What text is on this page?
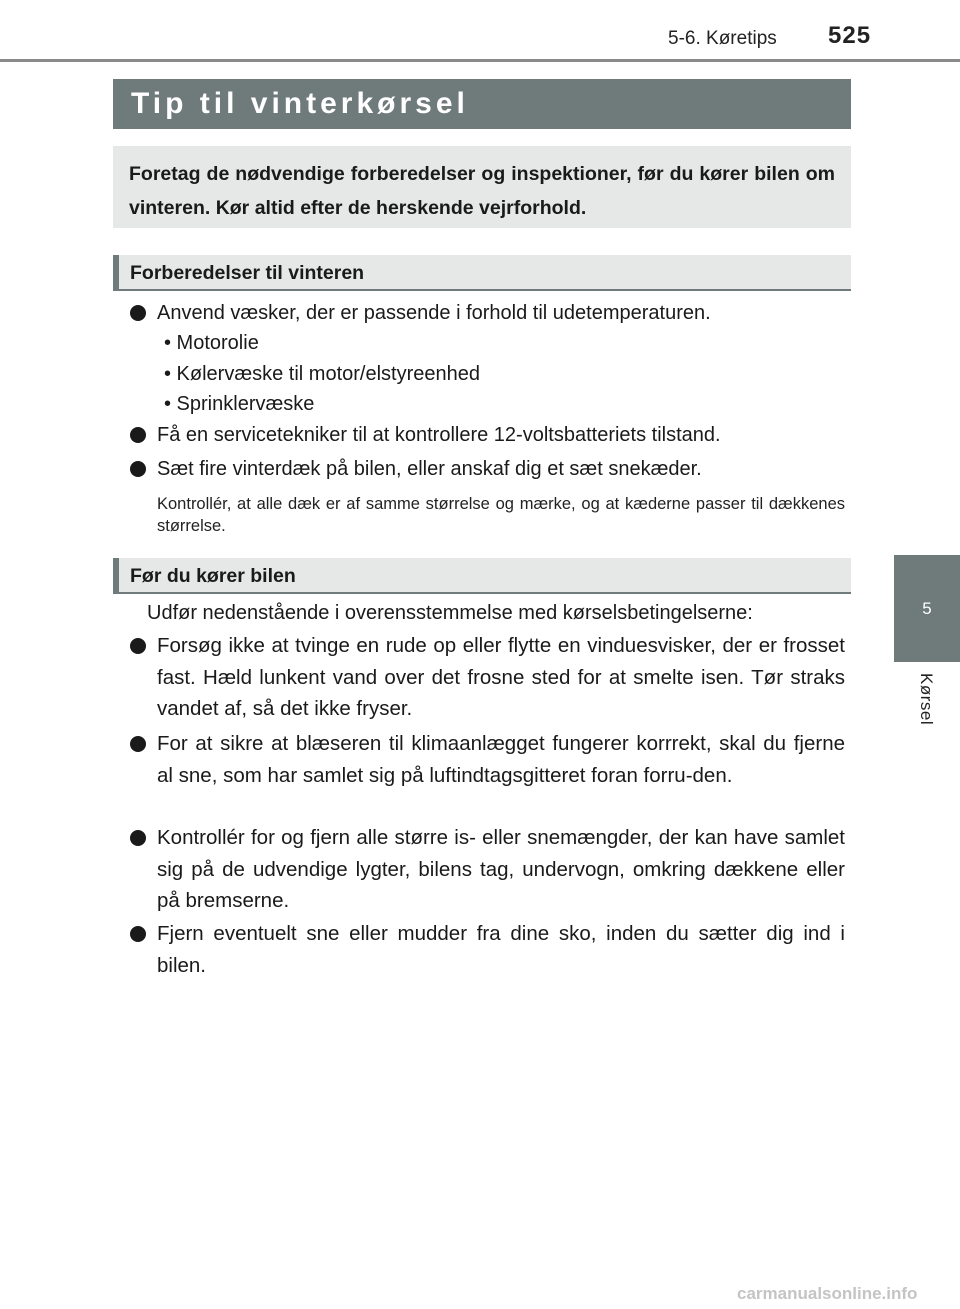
5-6. Køretips 525
5
Kørsel
Tip til vinterkørsel
Foretag de nødvendige forberedelser og inspektioner, før du kører bilen om vinteren. Kør altid efter de herskende vejrforhold.
Forberedelser til vinteren
Anvend væsker, der er passende i forhold til udetemperaturen.
• Motorolie
• Kølervæske til motor/elstyreenhed
• Sprinklervæske
Få en servicetekniker til at kontrollere 12-voltsbatteriets tilstand.
Sæt fire vinterdæk på bilen, eller anskaf dig et sæt snekæder.
Kontrollér, at alle dæk er af samme størrelse og mærke, og at kæderne passer til dækkenes størrelse.
Før du kører bilen
Udfør nedenstående i overensstemmelse med kørselsbetingelserne:
Forsøg ikke at tvinge en rude op eller flytte en vinduesvisker, der er frosset fast. Hæld lunkent vand over det frosne sted for at smelte isen. Tør straks vandet af, så det ikke fryser.
For at sikre at blæseren til klimaanlægget fungerer korrrekt, skal du fjerne al sne, som har samlet sig på luftindtagsgitteret foran forru-den.
Kontrollér for og fjern alle større is- eller snemængder, der kan have samlet sig på de udvendige lygter, bilens tag, undervogn, omkring dækkene eller på bremserne.
Fjern eventuelt sne eller mudder fra dine sko, inden du sætter dig ind i bilen.
carmanualsonline.info
